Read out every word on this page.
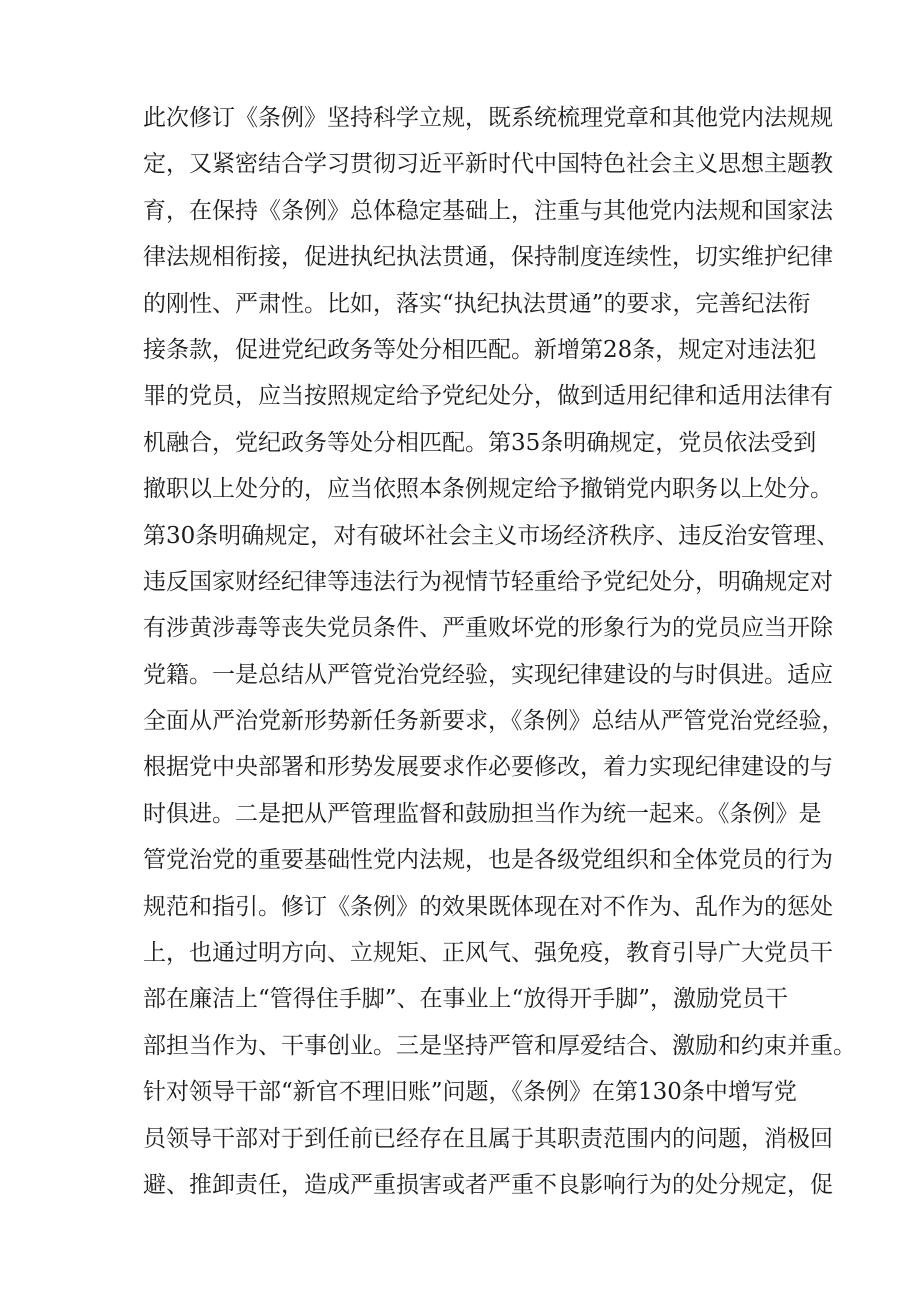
此次修订《条例》坚持科学立规，既系统梳理党章和其他党内法规规
定，又紧密结合学习贯彻习近平新时代中国特色社会主义思想主题教
育，在保持《条例》总体稳定基础上，注重与其他党内法规和国家法
律法规相衔接，促进执纪执法贯通，保持制度连续性，切实维护纪律
的刚性、严肃性。比如，落实“执纪执法贯通”的要求，完善纪法衔
接条款，促进党纪政务等处分相匹配。新增第28条，规定对违法犯
罪的党员，应当按照规定给予党纪处分，做到适用纪律和适用法律有
机融合，党纪政务等处分相匹配。第35条明确规定，党员依法受到
撤职以上处分的，应当依照本条例规定给予撤销党内职务以上处分。
第30条明确规定，对有破坏社会主义市场经济秩序、违反治安管理、
违反国家财经纪律等违法行为视情节轻重给予党纪处分，明确规定对
有涉黄涉毒等丧失党员条件、严重败坏党的形象行为的党员应当开除
党籍。一是总结从严管党治党经验，实现纪律建设的与时俱进。适应
全面从严治党新形势新任务新要求，《条例》总结从严管党治党经验，
根据党中央部署和形势发展要求作必要修改，着力实现纪律建设的与
时俱进。二是把从严管理监督和鼓励担当作为统一起来。《条例》是
管党治党的重要基础性党内法规，也是各级党组织和全体党员的行为
规范和指引。修订《条例》的效果既体现在对不作为、乱作为的惩处
上，也通过明方向、立规矩、正风气、强免疫，教育引导广大党员干
部在廉洁上“管得住手脚”、在事业上“放得开手脚”，激励党员干
部担当作为、干事创业。三是坚持严管和厚爱结合、激励和约束并重。
针对领导干部“新官不理旧账”问题，《条例》在第130条中增写党
员领导干部对于到任前已经存在且属于其职责范围内的问题，消极回
避、推卸责任，造成严重损害或者严重不良影响行为的处分规定，促
